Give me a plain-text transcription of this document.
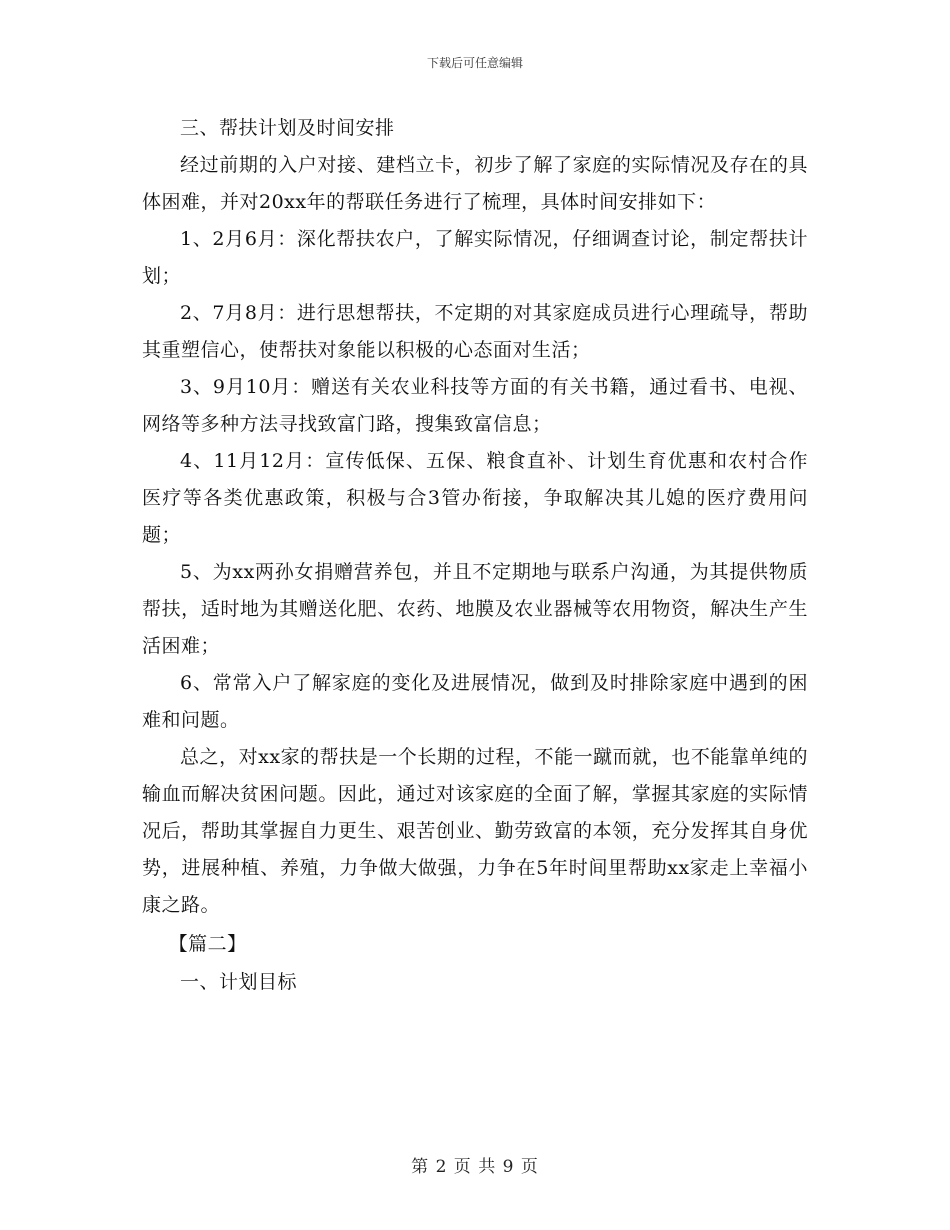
下载后可任意编辑

三、帮扶计划及时间安排

经过前期的入户对接、建档立卡，初步了解了家庭的实际情况及存在的具体困难，并对20xx年的帮联任务进行了梳理，具体时间安排如下：

1、2月6月：深化帮扶农户，了解实际情况，仔细调查讨论，制定帮扶计划；

2、7月8月：进行思想帮扶，不定期的对其家庭成员进行心理疏导，帮助其重塑信心，使帮扶对象能以积极的心态面对生活；

3、9月10月：赠送有关农业科技等方面的有关书籍，通过看书、电视、网络等多种方法寻找致富门路，搜集致富信息；

4、11月12月：宣传低保、五保、粮食直补、计划生育优惠和农村合作医疗等各类优惠政策，积极与合3管办衔接，争取解决其儿媳的医疗费用问题；

5、为xx两孙女捐赠营养包，并且不定期地与联系户沟通，为其提供物质帮扶，适时地为其赠送化肥、农药、地膜及农业器械等农用物资，解决生产生活困难；

6、常常入户了解家庭的变化及进展情况，做到及时排除家庭中遇到的困难和问题。

总之，对xx家的帮扶是一个长期的过程，不能一蹴而就，也不能靠单纯的输血而解决贫困问题。因此，通过对该家庭的全面了解，掌握其家庭的实际情况后，帮助其掌握自力更生、艰苦创业、勤劳致富的本领，充分发挥其自身优势，进展种植、养殖，力争做大做强，力争在5年时间里帮助xx家走上幸福小康之路。

【篇二】

一、计划目标

第 2 页 共 9 页
